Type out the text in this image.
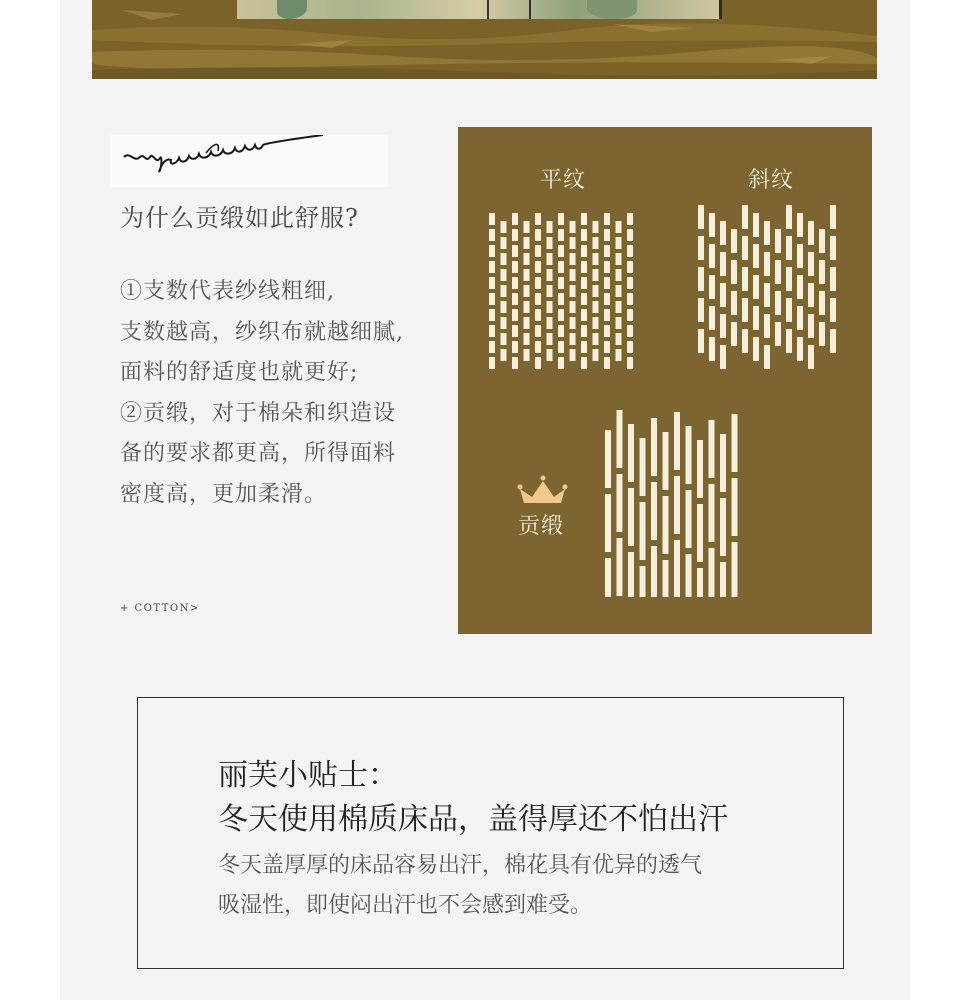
为什么贡缎如此舒服?
①支数代表纱线粗细,
支数越高，纱织布就越细腻,
面料的舒适度也就更好;
②贡缎，对于棉朵和织造设
备的要求都更高，所得面料
密度高，更加柔滑。
+ COTTON>
平纹	斜纹
贡缎
丽芙小贴士：
冬天使用棉质床品，盖得厚还不怕出汗
冬天盖厚厚的床品容易出汗，棉花具有优异的透气
吸湿性，即使闷出汗也不会感到难受。
